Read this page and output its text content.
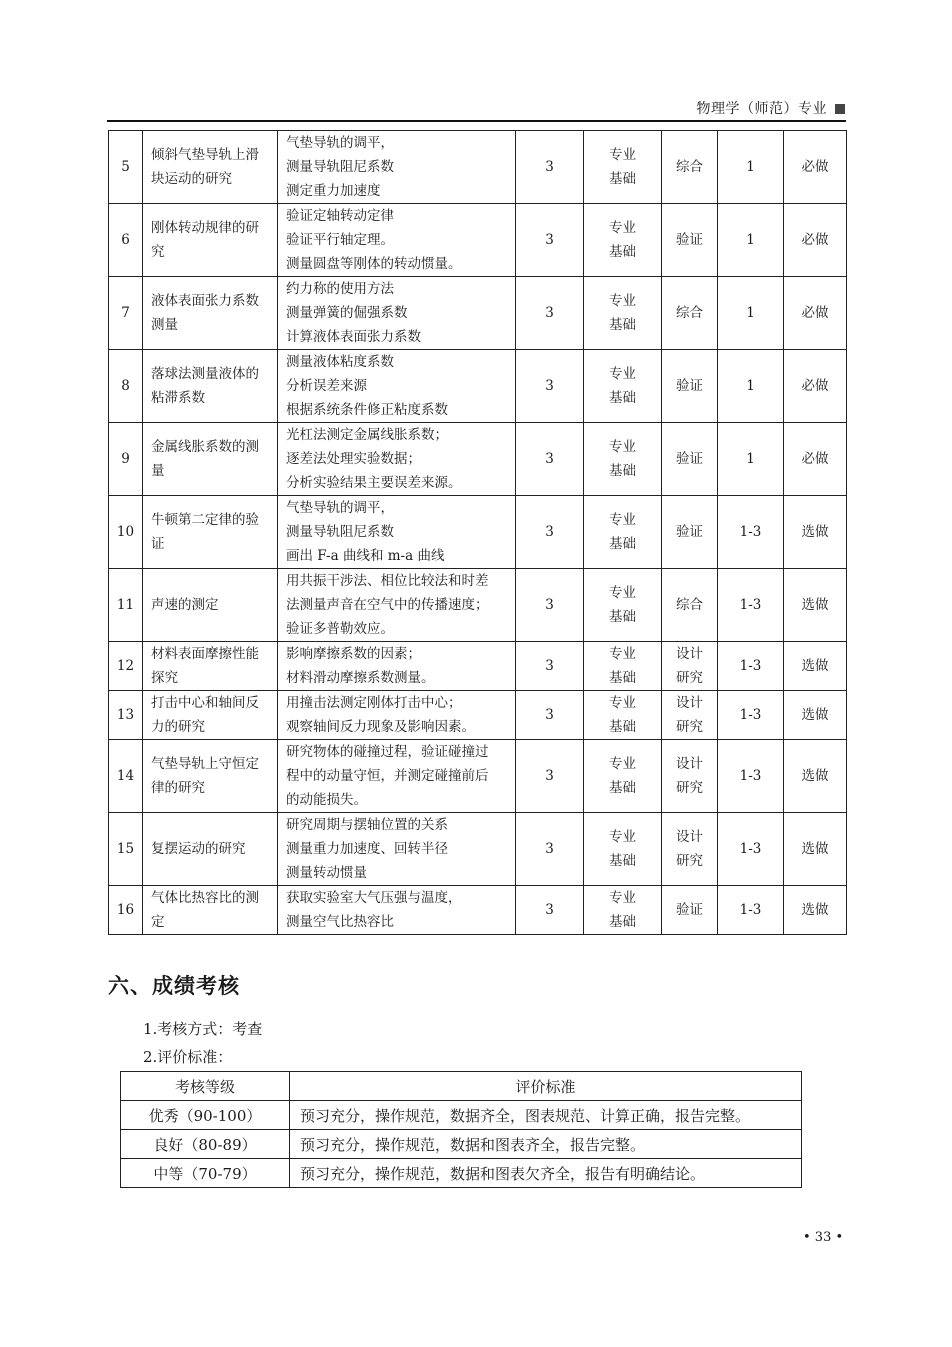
物理学（师范）专业
5	倾斜气垫导轨上滑
块运动的研究	气垫导轨的调平，
测量导轨阻尼系数
测定重力加速度	3	专业
基础	综合	1	必做
6	刚体转动规律的研
究	验证定轴转动定律
验证平行轴定理。
测量圆盘等刚体的转动惯量。	3	专业
基础	验证	1	必做
7	液体表面张力系数
测量	约力称的使用方法
测量弹簧的倔强系数
计算液体表面张力系数	3	专业
基础	综合	1	必做
8	落球法测量液体的
粘滞系数	测量液体粘度系数
分析误差来源
根据系统条件修正粘度系数	3	专业
基础	验证	1	必做
9	金属线胀系数的测
量	光杠法测定金属线胀系数；
逐差法处理实验数据；
分析实验结果主要误差来源。	3	专业
基础	验证	1	必做
10	牛顿第二定律的验
证	气垫导轨的调平，
测量导轨阻尼系数
画出 F-a 曲线和 m-a 曲线	3	专业
基础	验证	1-3	选做
11	声速的测定	用共振干涉法、相位比较法和时差
法测量声音在空气中的传播速度；
验证多普勒效应。	3	专业
基础	综合	1-3	选做
12	材料表面摩擦性能
探究	影响摩擦系数的因素；
材料滑动摩擦系数测量。	3	专业
基础	设计
研究	1-3	选做
13	打击中心和轴间反
力的研究	用撞击法测定刚体打击中心；
观察轴间反力现象及影响因素。	3	专业
基础	设计
研究	1-3	选做
14	气垫导轨上守恒定
律的研究	研究物体的碰撞过程，验证碰撞过
程中的动量守恒，并测定碰撞前后
的动能损失。	3	专业
基础	设计
研究	1-3	选做
15	复摆运动的研究	研究周期与摆轴位置的关系
测量重力加速度、回转半径
测量转动惯量	3	专业
基础	设计
研究	1-3	选做
16	气体比热容比的测
定	获取实验室大气压强与温度，
测量空气比热容比	3	专业
基础	验证	1-3	选做
六、成绩考核
1.考核方式：考查
2.评价标准：
考核等级	评价标准
优秀（90-100）	预习充分，操作规范，数据齐全，图表规范、计算正确，报告完整。
良好（80-89）	预习充分，操作规范，数据和图表齐全，报告完整。
中等（70-79）	预习充分，操作规范，数据和图表欠齐全，报告有明确结论。
• 33 •
